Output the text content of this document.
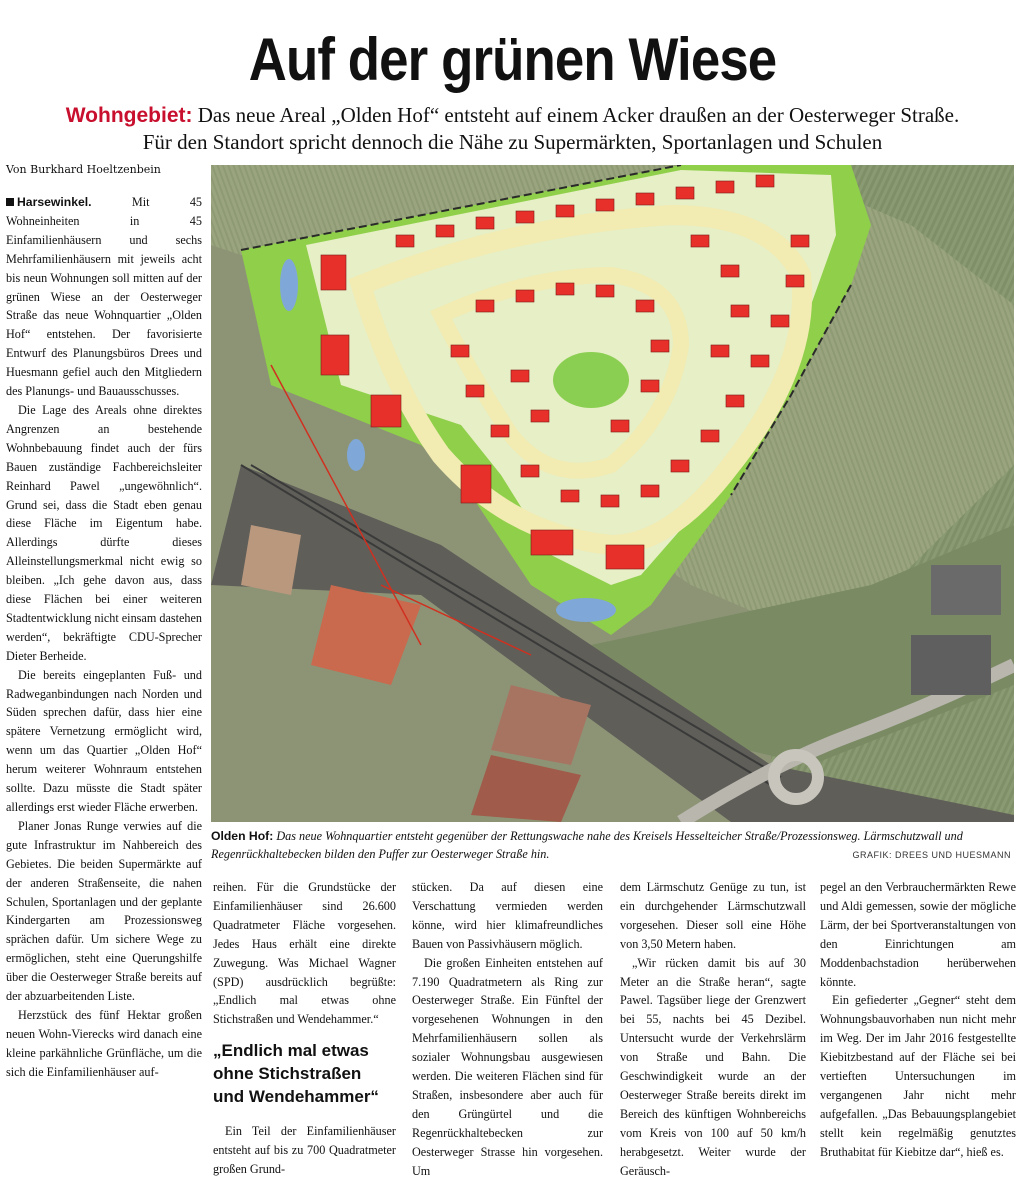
Auf der grünen Wiese
Wohngebiet: Das neue Areal „Olden Hof“ entsteht auf einem Acker draußen an der Oesterweger Straße.
Für den Standort spricht dennoch die Nähe zu Supermärkten, Sportanlagen und Schulen
Von Burkhard Hoeltzenbein

Harsewinkel.	Mit 45 Wohneinheiten in 45 Einfamilienhäusern und sechs Mehrfamilienhäusern mit jeweils acht bis neun Wohnungen soll mitten auf der grünen Wiese an der Oesterweger Straße das neue Wohnquartier „Olden Hof“ entstehen. Der favorisierte Entwurf des Planungsbüros Drees und Huesmann gefiel auch den Mitgliedern des Planungs- und Bauausschusses.

Die Lage des Areals ohne direktes Angrenzen an bestehende Wohnbebauung findet auch der fürs Bauen zuständige Fachbereichsleiter Reinhard Pawel „ungewöhnlich“. Grund sei, dass die Stadt eben genau diese Fläche im Eigentum habe. Allerdings dürfte dieses Alleinstellungsmerkmal nicht ewig so bleiben. „Ich gehe davon aus, dass diese Flächen bei einer weiteren Stadtentwicklung nicht einsam dastehen werden“, bekräftigte CDU-Sprecher Dieter Berheide.

Die bereits eingeplanten Fuß- und Radweganbindungen nach Norden und Süden sprechen dafür, dass hier eine spätere Vernetzung ermöglicht wird, wenn um das Quartier „Olden Hof“ herum weiterer Wohnraum entstehen sollte. Dazu müsste die Stadt später allerdings erst wieder Fläche erwerben.

Planer Jonas Runge verwies auf die gute Infrastruktur im Nahbereich des Gebietes. Die beiden Supermärkte auf der anderen Straßenseite, die nahen Schulen, Sportanlagen und der geplante Kindergarten am Prozessionsweg sprächen dafür. Um sichere Wege zu ermöglichen, steht eine Querungshilfe über die Oesterweger Straße bereits auf der abzuarbeitenden Liste.

Herzstück des fünf Hektar großen neuen Wohn-Vierecks wird danach eine kleine parkähnliche Grünfläche, um die sich die Einfamilienhäuser auf-

Olden Hof: Das neue Wohnquartier entsteht gegenüber der Rettungswache nahe des Kreisels Hesselteicher Straße/Prozessionsweg. Lärmschutzwall und Regenrückhaltebecken bilden den Puffer zur Oesterweger Straße hin.	GRAFIK: DREES UND HUESMANN

reihen. Für die Grundstücke der Einfamilienhäuser sind 26.600 Quadratmeter Fläche vorgesehen. Jedes Haus erhält eine direkte Zuwegung. Was Michael Wagner (SPD) ausdrücklich begrüßte: „Endlich mal etwas ohne Stichstraßen und Wendehammer.“

„Endlich mal etwas ohne Stichstraßen und Wendehammer“

Ein Teil der Einfamilienhäuser entsteht auf bis zu 700 Quadratmeter großen Grund-

stücken. Da auf diesen eine Verschattung vermieden werden könne, wird hier klimafreundliches Bauen von Passivhäusern möglich.

Die großen Einheiten entstehen auf 7.190 Quadratmetern als Ring zur Oesterweger Straße. Ein Fünftel der vorgesehenen Wohnungen in den Mehrfamilienhäusern sollen als sozialer Wohnungsbau ausgewiesen werden. Die weiteren Flächen sind für Straßen, insbesondere aber auch für den Grüngürtel und die Regenrückhaltebecken zur Oesterweger Strasse hin vorgesehen. Um

dem Lärmschutz Genüge zu tun, ist ein durchgehender Lärmschutzwall vorgesehen. Dieser soll eine Höhe von 3,50 Metern haben.

„Wir rücken damit bis auf 30 Meter an die Straße heran“, sagte Pawel. Tagsüber liege der Grenzwert bei 55, nachts bei 45 Dezibel. Untersucht wurde der Verkehrslärm von Straße und Bahn. Die Geschwindigkeit wurde an der Oesterweger Straße bereits direkt im Bereich des künftigen Wohnbereichs vom Kreis von 100 auf 50 km/h herabgesetzt. Weiter wurde der Geräusch-

pegel an den Verbrauchermärkten Rewe und Aldi gemessen, sowie der mögliche Lärm, der bei Sportveranstaltungen von den Einrichtungen am Moddenbachstadion herüberwehen könnte.

Ein gefiederter „Gegner“ steht dem Wohnungsbauvorhaben nun nicht mehr im Weg. Der im Jahr 2016 festgestellte Kiebitzbestand auf der Fläche sei bei vertieften Untersuchungen im vergangenen Jahr nicht mehr aufgefallen. „Das Bebauungsplangebiet stellt kein regelmäßig genutztes Bruthabitat für Kiebitze dar“, hieß es.
